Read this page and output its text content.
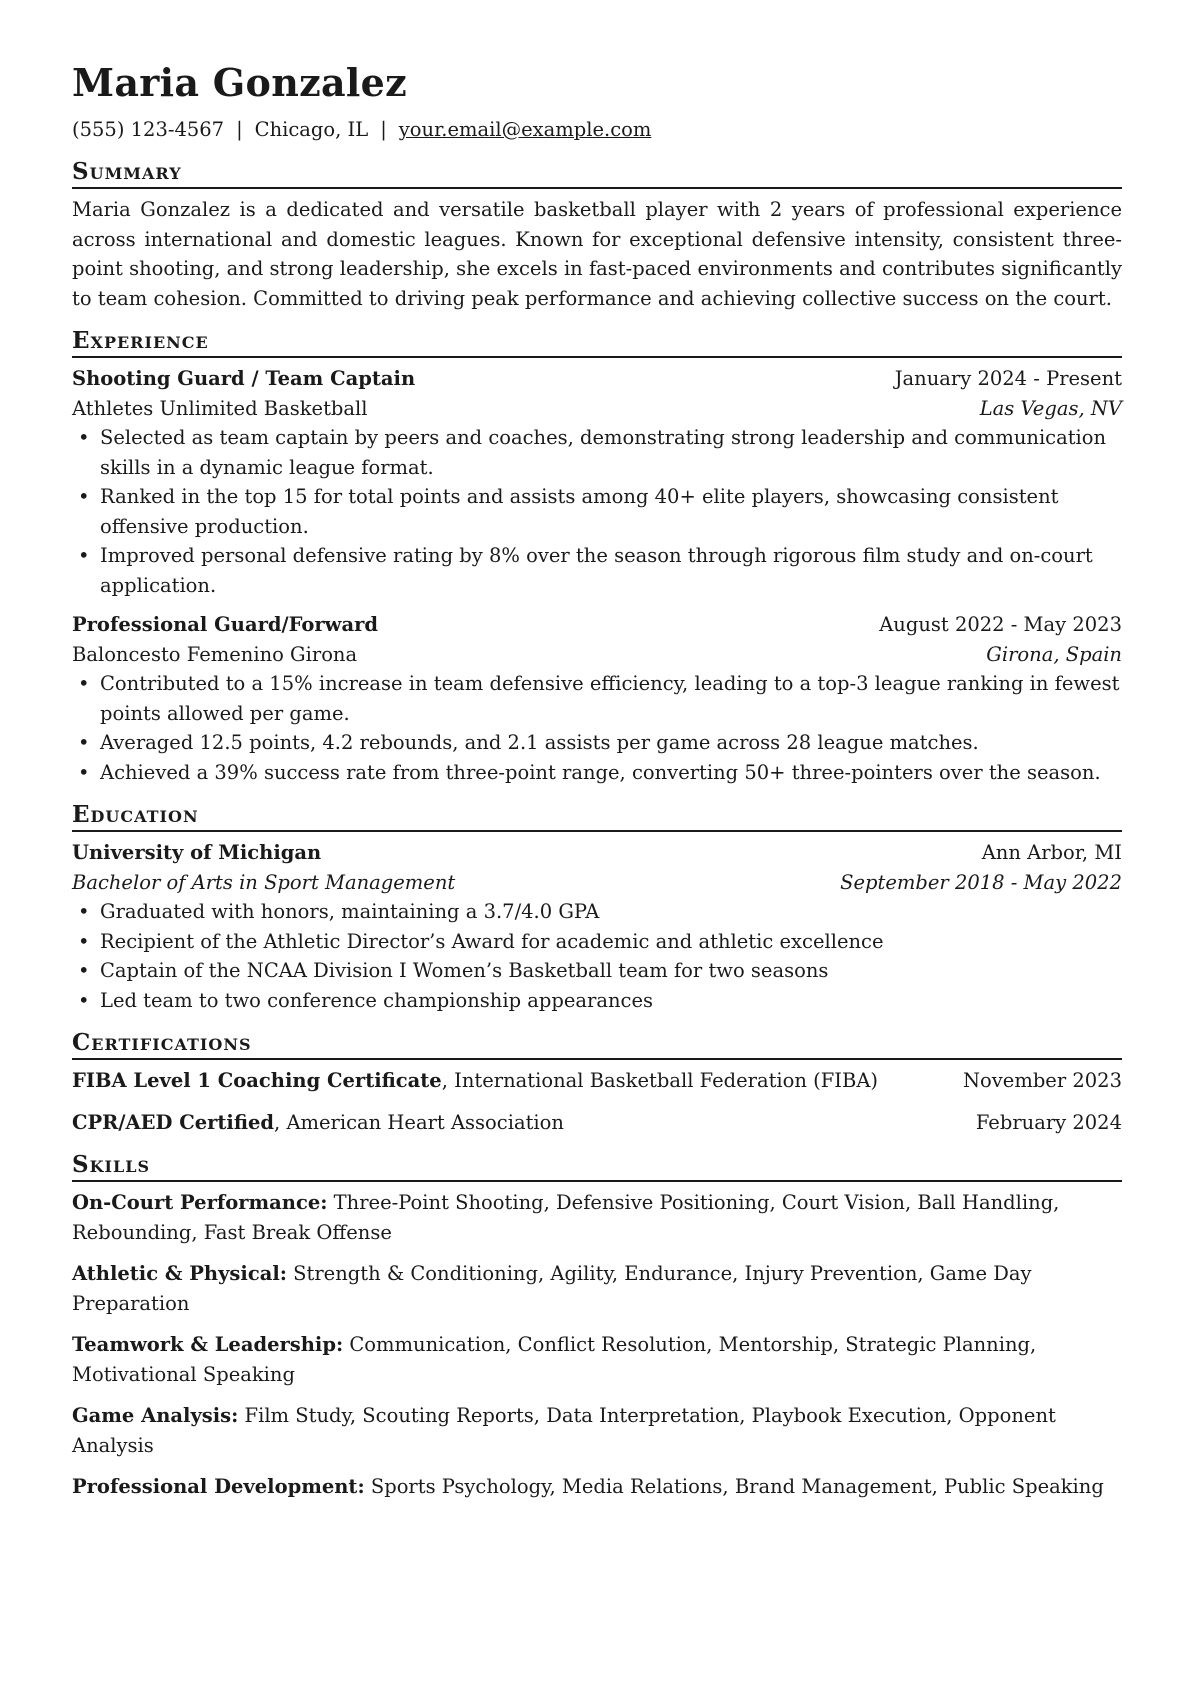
Maria Gonzalez
(555) 123-4567 | Chicago, IL | your.email@example.com
Summary
Maria Gonzalez is a dedicated and versatile basketball player with 2 years of professional experience across international and domestic leagues. Known for exceptional defensive intensity, consistent three-point shooting, and strong leadership, she excels in fast-paced environments and contributes significantly to team cohesion. Committed to driving peak performance and achieving collective success on the court.
Experience
Shooting Guard / Team Captain	January 2024 - Present
Athletes Unlimited Basketball	Las Vegas, NV
• Selected as team captain by peers and coaches, demonstrating strong leadership and communication skills in a dynamic league format.
• Ranked in the top 15 for total points and assists among 40+ elite players, showcasing consistent offensive production.
• Improved personal defensive rating by 8% over the season through rigorous film study and on-court application.
Professional Guard/Forward	August 2022 - May 2023
Baloncesto Femenino Girona	Girona, Spain
• Contributed to a 15% increase in team defensive efficiency, leading to a top-3 league ranking in fewest points allowed per game.
• Averaged 12.5 points, 4.2 rebounds, and 2.1 assists per game across 28 league matches.
• Achieved a 39% success rate from three-point range, converting 50+ three-pointers over the season.
Education
University of Michigan	Ann Arbor, MI
Bachelor of Arts in Sport Management	September 2018 - May 2022
• Graduated with honors, maintaining a 3.7/4.0 GPA
• Recipient of the Athletic Director’s Award for academic and athletic excellence
• Captain of the NCAA Division I Women’s Basketball team for two seasons
• Led team to two conference championship appearances
Certifications
FIBA Level 1 Coaching Certificate, International Basketball Federation (FIBA)	November 2023
CPR/AED Certified, American Heart Association	February 2024
Skills
On-Court Performance: Three-Point Shooting, Defensive Positioning, Court Vision, Ball Handling, Rebounding, Fast Break Offense
Athletic & Physical: Strength & Conditioning, Agility, Endurance, Injury Prevention, Game Day Preparation
Teamwork & Leadership: Communication, Conflict Resolution, Mentorship, Strategic Planning, Motivational Speaking
Game Analysis: Film Study, Scouting Reports, Data Interpretation, Playbook Execution, Opponent Analysis
Professional Development: Sports Psychology, Media Relations, Brand Management, Public Speaking
